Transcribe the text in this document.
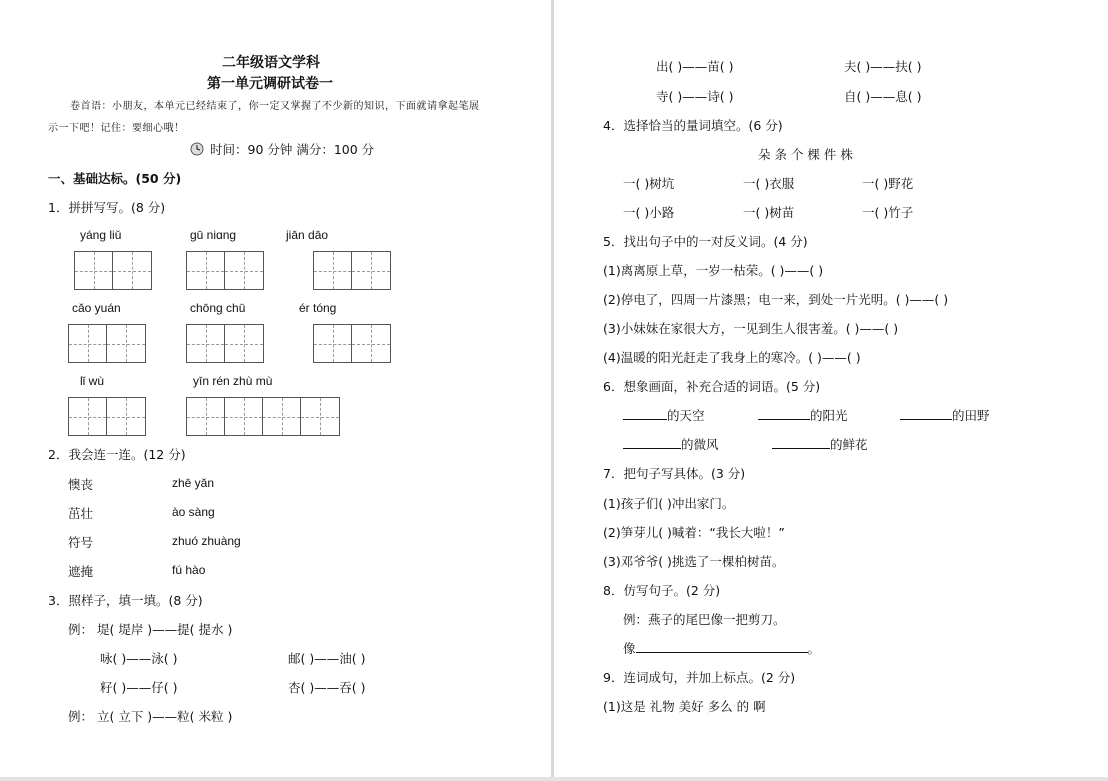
二年级语文学科
第一单元调研试卷一
卷首语：小朋友，本单元已经结束了，你一定又掌握了不少新的知识，下面就请拿起笔展
示一下吧！记住：要细心哦！
时间：90 分钟 满分：100 分
一、基础达标。(50 分)
1．拼拼写写。(8 分)
yáng liǔ	gū niɑng	jiān dāo
cǎo yuán	chōng chū	ér tóng
lǐ wù	yīn rén zhù mù
2．我会连一连。(12 分)
懊丧	zhē yǎn
茁壮	ào sàng
符号	zhuó zhuàng
遮掩	fú hào
3．照样子，填一填。(8 分)
例： 堤( 堤岸 )——提( 提水 )
咏( )——泳( )	邮( )——油( )
籽( )——仔( )	杏( )——吞( )
例： 立( 立下 )——粒( 米粒 )
出( )——苗( )	夫( )——扶( )
寺( )——诗( )	自( )——息( )
4．选择恰当的量词填空。(6 分)
朵 条 个 棵 件 株
一( )树坑	一( )衣服	一( )野花
一( )小路	一( )树苗	一( )竹子
5．找出句子中的一对反义词。(4 分)
(1)离离原上草，一岁一枯荣。( )——( )
(2)停电了，四周一片漆黑；电一来，到处一片光明。( )——( )
(3)小妹妹在家很大方，一见到生人很害羞。( )——( )
(4)温暖的阳光赶走了我身上的寒冷。( )——( )
6．想象画面，补充合适的词语。(5 分)
的天空	的阳光	的田野
的微风	的鲜花
7．把句子写具体。(3 分)
(1)孩子们( )冲出家门。
(2)笋芽儿( )喊着：“我长大啦！”
(3)邓爷爷( )挑选了一棵柏树苗。
8．仿写句子。(2 分)
例：燕子的尾巴像一把剪刀。
像	。
9．连词成句，并加上标点。(2 分)
(1)这是 礼物 美好 多么 的 啊
